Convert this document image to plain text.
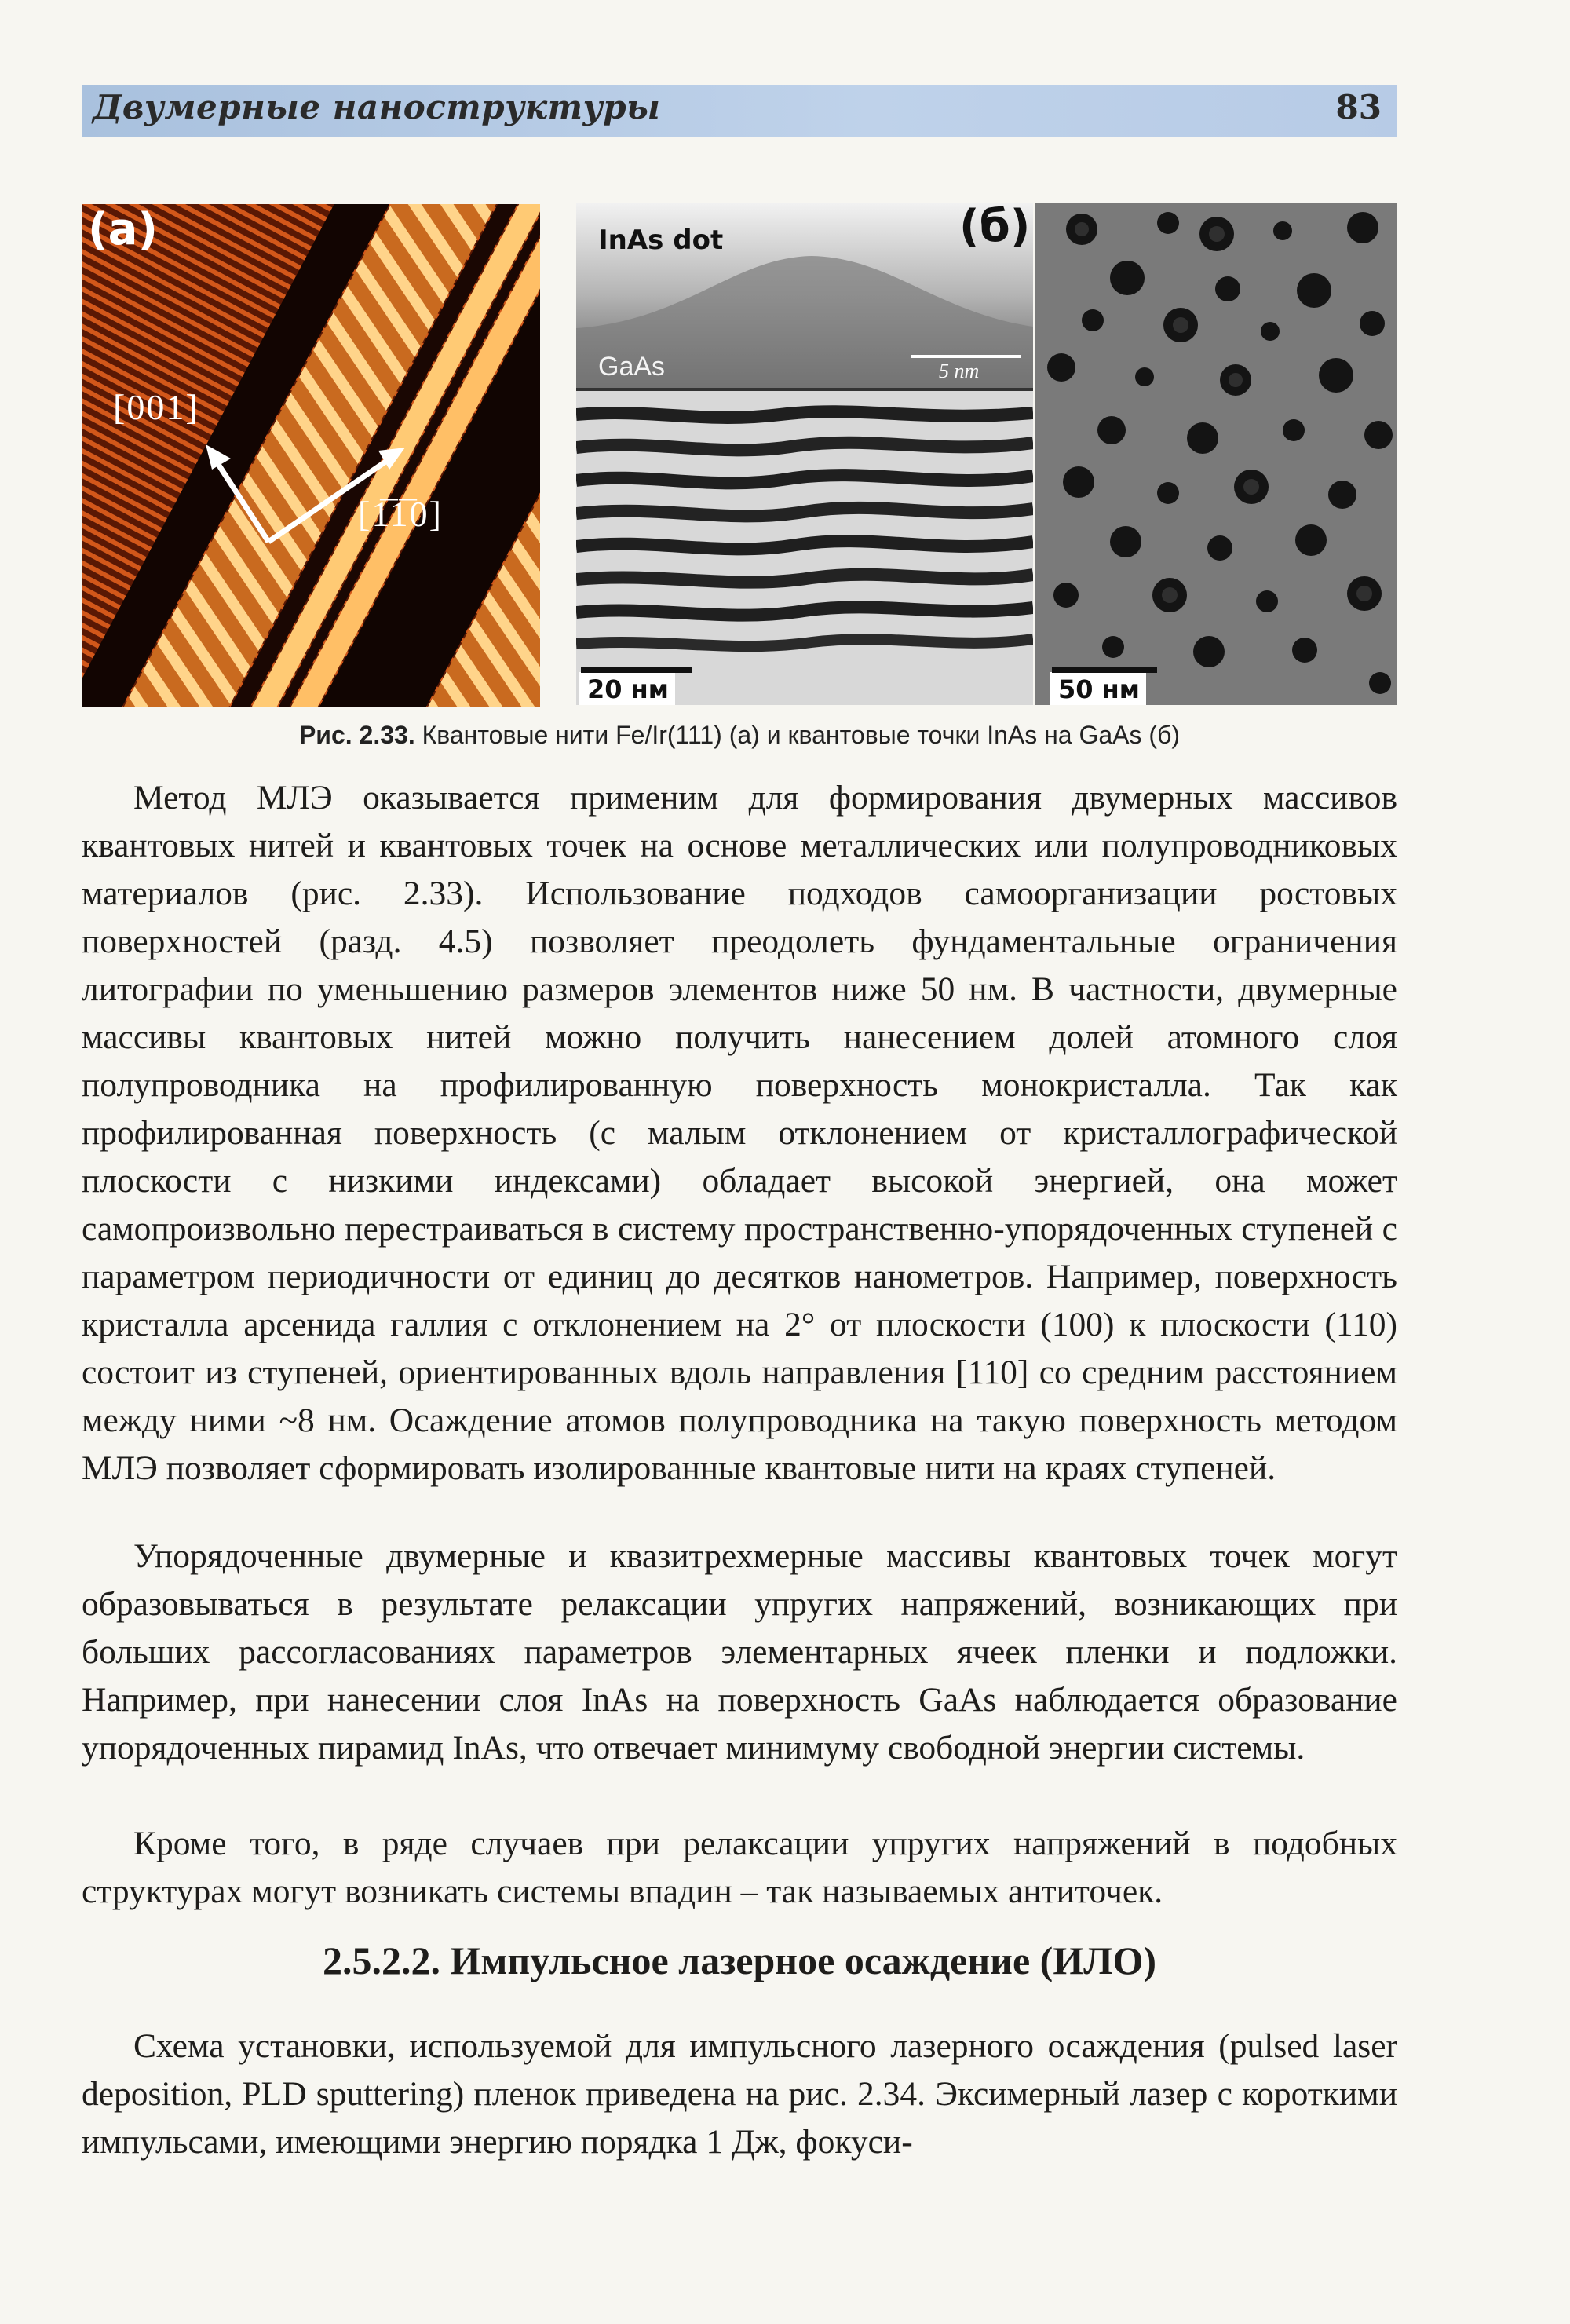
Двумерные наноструктуры	83
(а)
[001]
[1̅̅1̅0]
InAs dot
GaAs	5 nm
(б)
20 нм	50 нм
Рис. 2.33. Квантовые нити Fe/Ir(111) (а) и квантовые точки InAs на GaAs (б)

Метод МЛЭ оказывается применим для формирования двумерных массивов квантовых нитей и квантовых точек на основе металлических или полупроводниковых материалов (рис. 2.33). Использование подходов самоорганизации ростовых поверхностей (разд. 4.5) позволяет преодолеть фундаментальные ограничения литографии по уменьшению размеров элементов ниже 50 нм. В частности, двумерные массивы квантовых нитей можно получить нанесением долей атомного слоя полупроводника на профилированную поверхность монокристалла. Так как профилированная поверхность (с малым отклонением от кристаллографической плоскости с низкими индексами) обладает высокой энергией, она может самопроизвольно перестраиваться в систему пространственно-упорядоченных ступеней с параметром периодичности от единиц до десятков нанометров. Например, поверхность кристалла арсенида галлия с отклонением на 2° от плоскости (100) к плоскости (110) состоит из ступеней, ориентированных вдоль направления [110] со средним расстоянием между ними ~8 нм. Осаждение атомов полупроводника на такую поверхность методом МЛЭ позволяет сформировать изолированные квантовые нити на краях ступеней.

Упорядоченные двумерные и квазитрехмерные массивы квантовых точек могут образовываться в результате релаксации упругих напряжений, возникающих при больших рассогласованиях параметров элементарных ячеек пленки и подложки. Например, при нанесении слоя InAs на поверхность GaAs наблюдается образование упорядоченных пирамид InAs, что отвечает минимуму свободной энергии системы.

Кроме того, в ряде случаев при релаксации упругих напряжений в подобных структурах могут возникать системы впадин – так называемых антиточек.

2.5.2.2. Импульсное лазерное осаждение (ИЛО)

Схема установки, используемой для импульсного лазерного осаждения (pulsed laser deposition, PLD sputtering) пленок приведена на рис. 2.34. Эксимерный лазер с короткими импульсами, имеющими энергию порядка 1 Дж, фокуси-
